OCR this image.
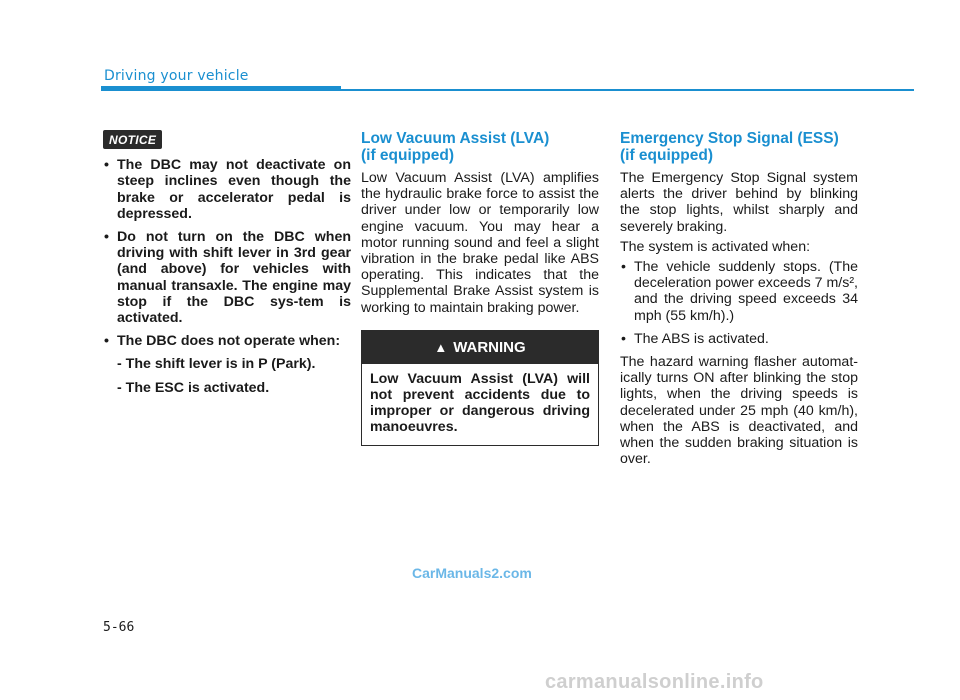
Driving your vehicle
NOTICE
• The DBC may not deactivate on steep inclines even though the brake or accelerator pedal is depressed.
• Do not turn on the DBC when driving with shift lever in 3rd gear (and above) for vehicles with manual transaxle. The engine may stop if the DBC sys-tem is activated.
• The DBC does not operate when:
- The shift lever is in P (Park).
- The ESC is activated.
Low Vacuum Assist (LVA)
(if equipped)
Low Vacuum Assist (LVA) amplifies the hydraulic brake force to assist the driver under low or temporarily low engine vacuum. You may hear a motor running sound and feel a slight vibration in the brake pedal like ABS operating. This indicates that the Supplemental Brake Assist system is working to maintain braking power.
▲ WARNING
Low Vacuum Assist (LVA) will not prevent accidents due to improper or dangerous driving manoeuvres.
Emergency Stop Signal (ESS)
(if equipped)
The Emergency Stop Signal system alerts the driver behind by blinking the stop lights, whilst sharply and severely braking.
The system is activated when:
• The vehicle suddenly stops. (The deceleration power exceeds 7 m/s², and the driving speed exceeds 34 mph (55 km/h).)
• The ABS is activated.
The hazard warning flasher automat-ically turns ON after blinking the stop lights, when the driving speeds is decelerated under 25 mph (40 km/h), when the ABS is deactivated, and when the sudden braking situation is over.
CarManuals2.com
5-66
carmanualsonline.info
